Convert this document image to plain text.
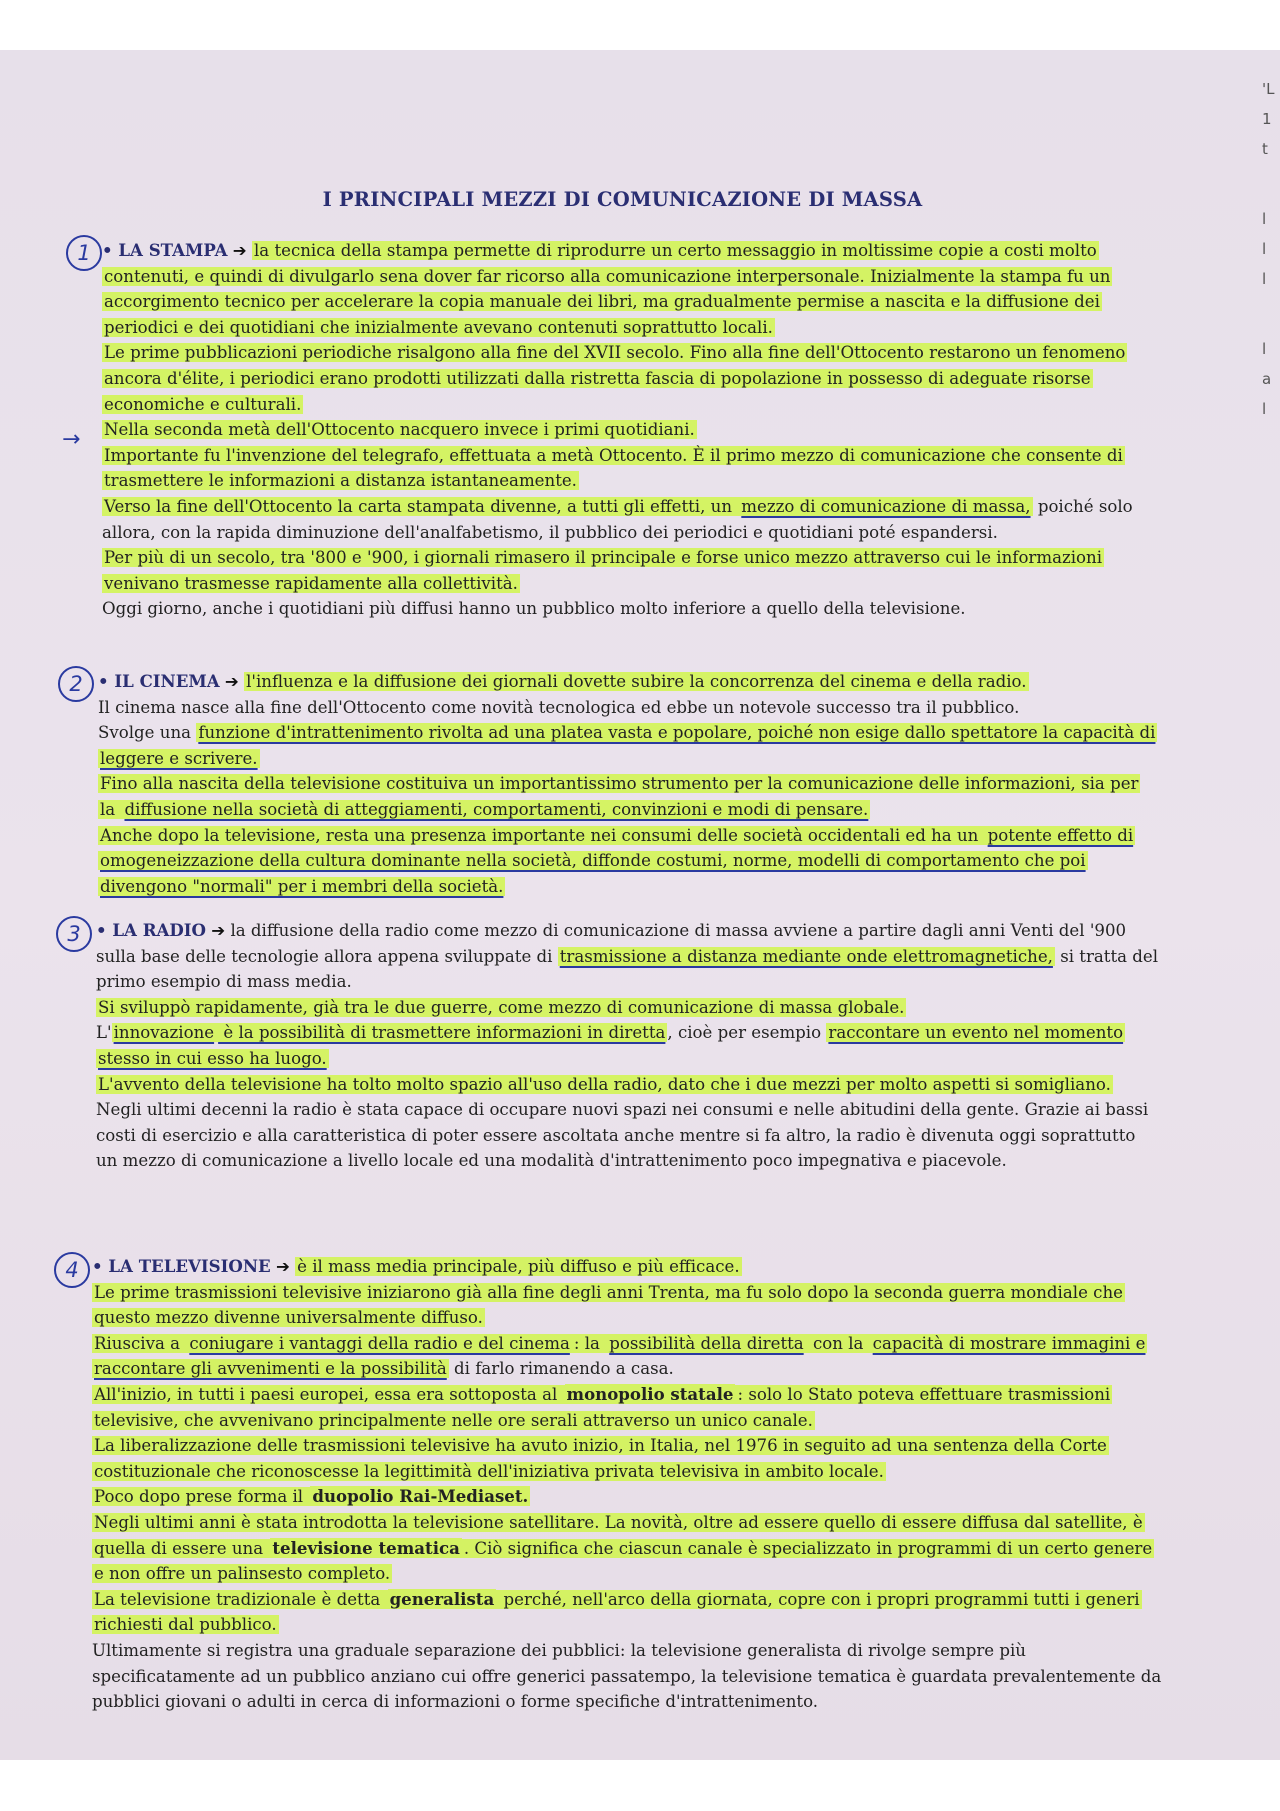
'L
1
t
l
l
l
l
a
l
I PRINCIPALI MEZZI DI COMUNICAZIONE DI MASSA
1
→

• LA STAMPA ➔ la tecnica della stampa permette di riprodurre un certo messaggio in moltissime copie a costi molto contenuti, e quindi di divulgarlo sena dover far ricorso alla comunicazione interpersonale. Inizialmente la stampa fu un accorgimento tecnico per accelerare la copia manuale dei libri, ma gradualmente permise a nascita e la diffusione dei periodici e dei quotidiani che inizialmente avevano contenuti soprattutto locali.

Le prime pubblicazioni periodiche risalgono alla fine del XVII secolo. Fino alla fine dell'Ottocento restarono un fenomeno ancora d'élite, i periodici erano prodotti utilizzati dalla ristretta fascia di popolazione in possesso di adeguate risorse economiche e culturali.

Nella seconda metà dell'Ottocento nacquero invece i primi quotidiani.

Importante fu l'invenzione del telegrafo, effettuata a metà Ottocento. È il primo mezzo di comunicazione che consente di trasmettere le informazioni a distanza istantaneamente.

Verso la fine dell'Ottocento la carta stampata divenne, a tutti gli effetti, un mezzo di comunicazione di massa, poiché solo allora, con la rapida diminuzione dell'analfabetismo, il pubblico dei periodici e quotidiani poté espandersi.

Per più di un secolo, tra '800 e '900, i giornali rimasero il principale e forse unico mezzo attraverso cui le informazioni venivano trasmesse rapidamente alla collettività.

Oggi giorno, anche i quotidiani più diffusi hanno un pubblico molto inferiore a quello della televisione.

2 • IL CINEMA ➔ l'influenza e la diffusione dei giornali dovette subire la concorrenza del cinema e della radio.

Il cinema nasce alla fine dell'Ottocento come novità tecnologica ed ebbe un notevole successo tra il pubblico.

Svolge una funzione d'intrattenimento rivolta ad una platea vasta e popolare, poiché non esige dallo spettatore la capacità di leggere e scrivere.

Fino alla nascita della televisione costituiva un importantissimo strumento per la comunicazione delle informazioni, sia per la diffusione nella società di atteggiamenti, comportamenti, convinzioni e modi di pensare.

Anche dopo la televisione, resta una presenza importante nei consumi delle società occidentali ed ha un potente effetto di omogeneizzazione della cultura dominante nella società, diffonde costumi, norme, modelli di comportamento che poi divengono "normali" per i membri della società.

3 • LA RADIO ➔ la diffusione della radio come mezzo di comunicazione di massa avviene a partire dagli anni Venti del '900 sulla base delle tecnologie allora appena sviluppate di trasmissione a distanza mediante onde elettromagnetiche, si tratta del primo esempio di mass media.

Si sviluppò rapidamente, già tra le due guerre, come mezzo di comunicazione di massa globale.

L' innovazione è la possibilità di trasmettere informazioni in diretta , cioè per esempio raccontare un evento nel momento stesso in cui esso ha luogo.

L'avvento della televisione ha tolto molto spazio all'uso della radio, dato che i due mezzi per molto aspetti si somigliano.

Negli ultimi decenni la radio è stata capace di occupare nuovi spazi nei consumi e nelle abitudini della gente. Grazie ai bassi costi di esercizio e alla caratteristica di poter essere ascoltata anche mentre si fa altro, la radio è divenuta oggi soprattutto un mezzo di comunicazione a livello locale ed una modalità d'intrattenimento poco impegnativa e piacevole.

4 • LA TELEVISIONE ➔ è il mass media principale, più diffuso e più efficace.

Le prime trasmissioni televisive iniziarono già alla fine degli anni Trenta, ma fu solo dopo la seconda guerra mondiale che questo mezzo divenne universalmente diffuso.

Riusciva a coniugare i vantaggi della radio e del cinema : la possibilità della diretta con la capacità di mostrare immagini e raccontare gli avvenimenti e la possibilità di farlo rimanendo a casa.

All'inizio, in tutti i paesi europei, essa era sottoposta al monopolio statale : solo lo Stato poteva effettuare trasmissioni televisive, che avvenivano principalmente nelle ore serali attraverso un unico canale.

La liberalizzazione delle trasmissioni televisive ha avuto inizio, in Italia, nel 1976 in seguito ad una sentenza della Corte costituzionale che riconoscesse la legittimità dell'iniziativa privata televisiva in ambito locale.

Poco dopo prese forma il duopolio Rai-Mediaset.

Negli ultimi anni è stata introdotta la televisione satellitare. La novità, oltre ad essere quello di essere diffusa dal satellite, è quella di essere una televisione tematica . Ciò significa che ciascun canale è specializzato in programmi di un certo genere e non offre un palinsesto completo.

La televisione tradizionale è detta generalista perché, nell'arco della giornata, copre con i propri programmi tutti i generi richiesti dal pubblico.

Ultimamente si registra una graduale separazione dei pubblici: la televisione generalista di rivolge sempre più specificatamente ad un pubblico anziano cui offre generici passatempo, la televisione tematica è guardata prevalentemente da pubblici giovani o adulti in cerca di informazioni o forme specifiche d'intrattenimento.
